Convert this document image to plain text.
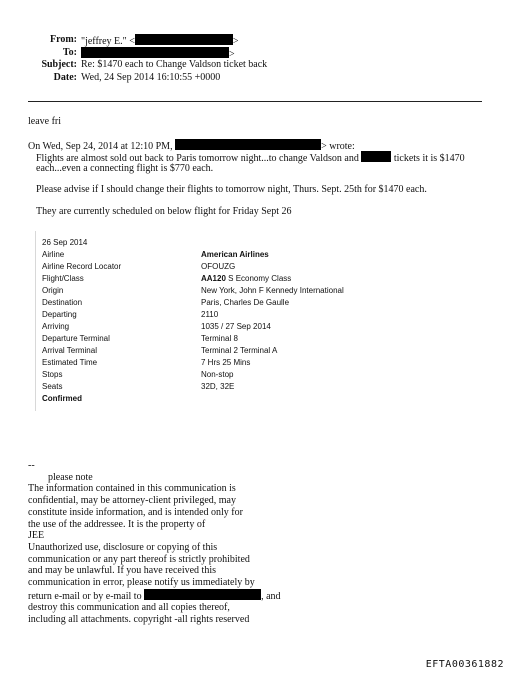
From: "jeffrey E." <	>
To:	>
Subject: Re: $1470 each to Change Valdson ticket back
Date: Wed, 24 Sep 2014 16:10:55 +0000
leave fri
On Wed, Sep 24, 2014 at 12:10 PM,	> wrote:
Flights are almost sold out back to Paris tomorrow night...to change Valdson and	tickets it is $1470
each...even a connecting flight is $770 each.
Please advise if I should change their flights to tomorrow night, Thurs. Sept. 25th for $1470 each.
They are currently scheduled on below flight for Friday Sept 26
26 Sep 2014
Airline	American Airlines
Airline Record Locator	OFOUZG
Flight/Class	AA120 S Economy Class
Origin	New York, John F Kennedy International
Destination	Paris, Charles De Gaulle
Departing	2110
Arriving	1035 / 27 Sep 2014
Departure Terminal	Terminal 8
Arrival Terminal	Terminal 2 Terminal A
Estimated Time	7 Hrs 25 Mins
Stops	Non-stop
Seats	32D, 32E
Confirmed
--
please note
The information contained in this communication is
confidential, may be attorney-client privileged, may
constitute inside information, and is intended only for
the use of the addressee. It is the property of
JEE
Unauthorized use, disclosure or copying of this
communication or any part thereof is strictly prohibited
and may be unlawful. If you have received this
communication in error, please notify us immediately by
return e-mail or by e-mail to	, and
destroy this communication and all copies thereof,
including all attachments. copyright -all rights reserved
EFTA00361882
